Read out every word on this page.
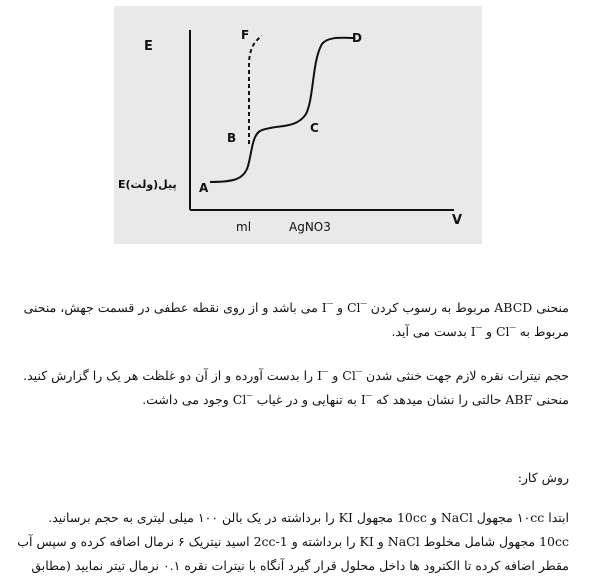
E
Eپیل(ولت) A
B
C
D
F
ml	AgNO3	V
منحنی ABCD مربوط به رسوب کردن ‾Cl و ‾I می باشد و از روی نقطه عطفی در قسمت جهش، منحنی
مربوط به ‾Cl و ‾I بدست می آید.
حجم نیترات نقره لازم جهت خنثی شدن ‾Cl و ‾I را بدست آورده و از آن دو غلظت هر یک را گزارش کنید.
منحنی ABF حالتی را نشان میدهد که ‾I به تنهایی و در غیاب ‾Cl وجود می داشت.
روش کار:
ابتدا ۱۰cc مجهول NaCl و 10cc مجهول KI را برداشته در یک بالن ۱۰۰ میلی لیتری به حجم برسانید.
10cc مجهول شامل مخلوط NaCl و KI را برداشته و 1-2cc اسید نیتریک ۶ نرمال اضافه کرده و سپس آب
مقطر اضافه کرده تا الکترود ها داخل محلول قرار گیرد آنگاه با نیترات نقره ۰.۱ نرمال تیتر نمایید (مطابق
